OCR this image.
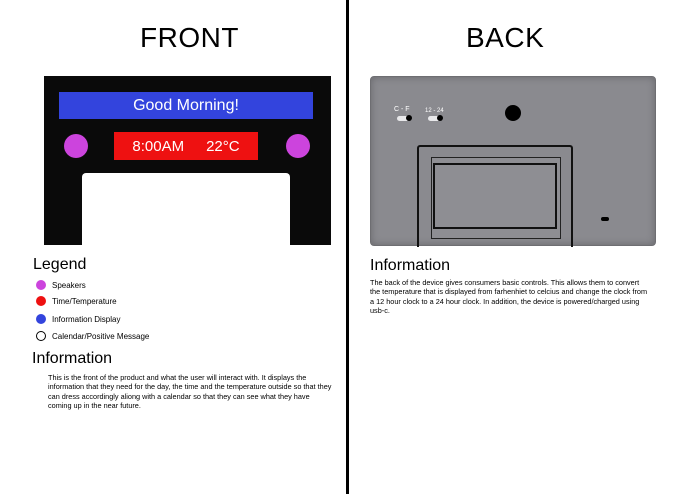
FRONT	BACK
Good Morning!
8:00AM 22°C
Legend
Speakers
Time/Temperature
Information Display
Calendar/Positive Message
Information
This is the front of the product and what the user will interact with. It displays the information that they need for the day, the time and the temperature outside so that they can dress accordingly aliong with a calendar so that they can see what they have coming up in the near future.
C - F	12 - 24
Information
The back of the device gives consumers basic controls. This allows them to convert the temperature that is displayed from farhenhiet to celcius and change the clock from a 12 hour clock to a 24 hour clock. In addition, the device is powered/charged using usb-c.
